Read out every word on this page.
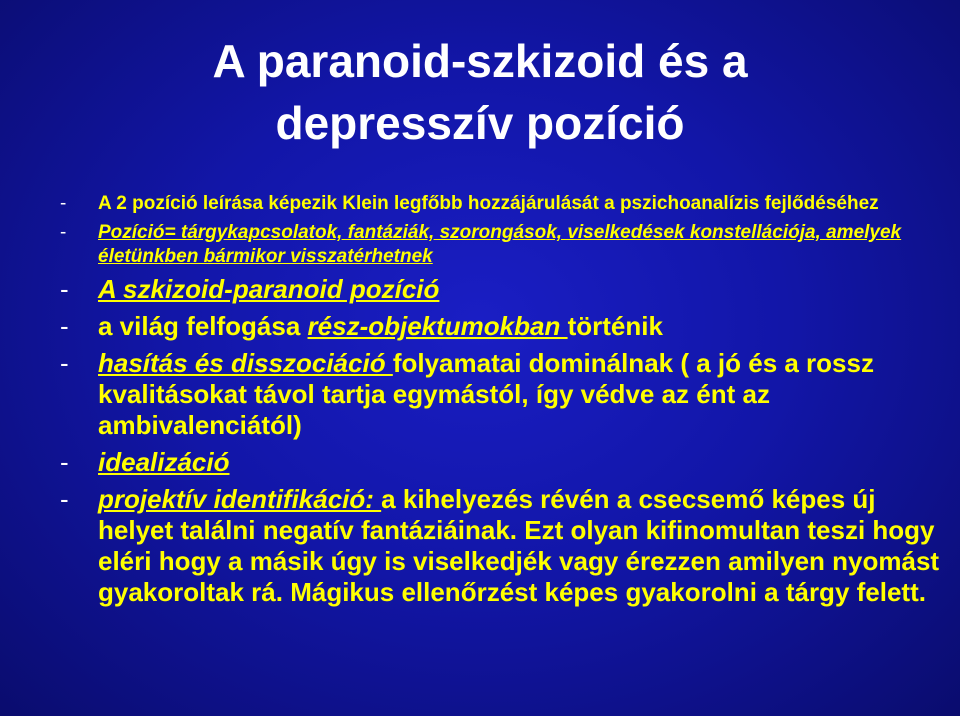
A paranoid-szkizoid és a
depresszív pozíció
- A 2 pozíció leírása képezik Klein legfőbb hozzájárulását a pszichoanalízis fejlődéséhez
- Pozíció= tárgykapcsolatok, fantáziák, szorongások, viselkedések konstellációja, amelyek életünkben bármikor visszatérhetnek
- A szkizoid-paranoid pozíció
- a világ felfogása rész-objektumokban történik
- hasítás és disszociáció folyamatai dominálnak ( a jó és a rossz kvalitásokat távol tartja egymástól, így védve az ént az ambivalenciától)
- idealizáció
- projektív identifikáció: a kihelyezés révén a csecsemő képes új helyet találni negatív fantáziáinak. Ezt olyan kifinomultan teszi hogy eléri hogy a másik úgy is viselkedjék vagy érezzen amilyen nyomást gyakoroltak rá. Mágikus ellenőrzést képes gyakorolni a tárgy felett.
